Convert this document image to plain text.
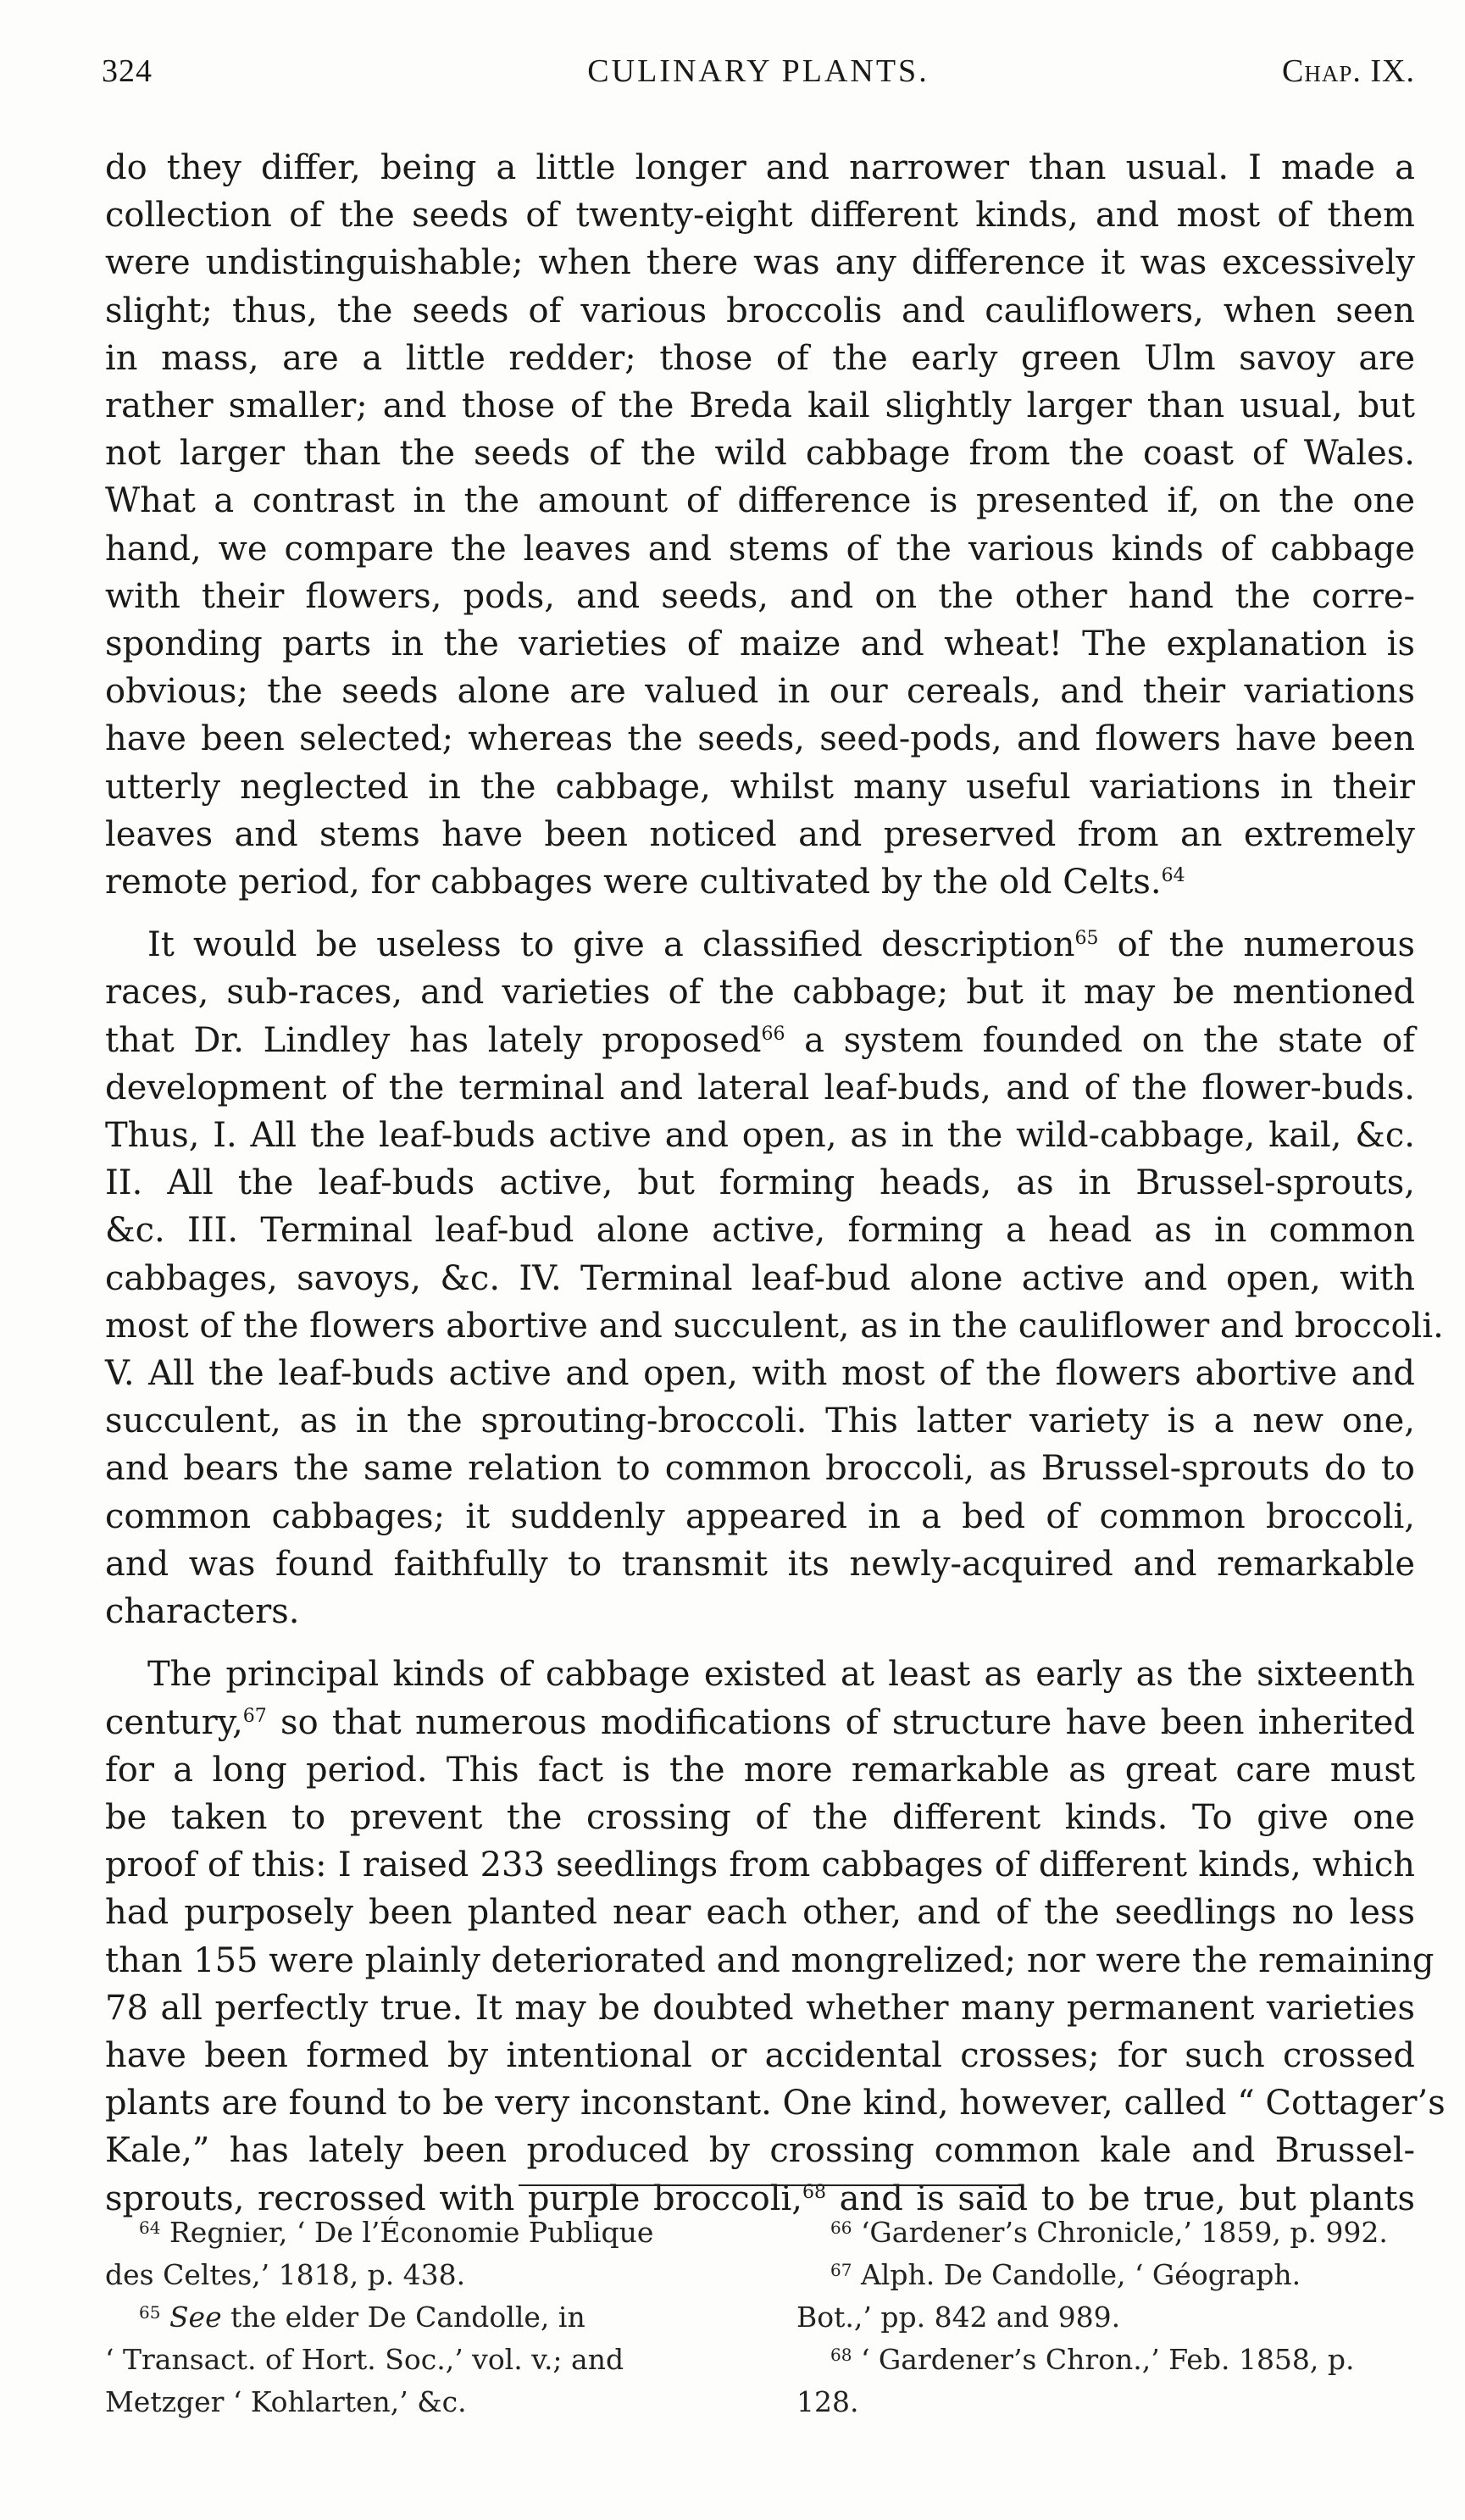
324	CULINARY PLANTS.	Chap. IX.

do they differ, being a little longer and narrower than usual. I made a
collection of the seeds of twenty-eight different kinds, and most of them
were undistinguishable; when there was any difference it was excessively
slight; thus, the seeds of various broccolis and cauliflowers, when seen
in mass, are a little redder; those of the early green Ulm savoy are
rather smaller; and those of the Breda kail slightly larger than usual, but
not larger than the seeds of the wild cabbage from the coast of Wales.
What a contrast in the amount of difference is presented if, on the one
hand, we compare the leaves and stems of the various kinds of cabbage
with their flowers, pods, and seeds, and on the other hand the corre-
sponding parts in the varieties of maize and wheat! The explanation is
obvious; the seeds alone are valued in our cereals, and their variations
have been selected; whereas the seeds, seed-pods, and flowers have been
utterly neglected in the cabbage, whilst many useful variations in their
leaves and stems have been noticed and preserved from an extremely
remote period, for cabbages were cultivated by the old Celts.$^{64}$

It would be useless to give a classified description$^{65}$ of the numerous
races, sub-races, and varieties of the cabbage; but it may be mentioned
that Dr. Lindley has lately proposed$^{66}$ a system founded on the state of
development of the terminal and lateral leaf-buds, and of the flower-buds.
Thus, I. All the leaf-buds active and open, as in the wild-cabbage, kail, &c.
II. All the leaf-buds active, but forming heads, as in Brussel-sprouts,
&c. III. Terminal leaf-bud alone active, forming a head as in common
cabbages, savoys, &c. IV. Terminal leaf-bud alone active and open, with
most of the flowers abortive and succulent, as in the cauliflower and broccoli.
V. All the leaf-buds active and open, with most of the flowers abortive and
succulent, as in the sprouting-broccoli. This latter variety is a new one,
and bears the same relation to common broccoli, as Brussel-sprouts do to
common cabbages; it suddenly appeared in a bed of common broccoli,
and was found faithfully to transmit its newly-acquired and remarkable
characters.

The principal kinds of cabbage existed at least as early as the sixteenth
century,$^{67}$ so that numerous modifications of structure have been inherited
for a long period. This fact is the more remarkable as great care must
be taken to prevent the crossing of the different kinds. To give one
proof of this: I raised 233 seedlings from cabbages of different kinds, which
had purposely been planted near each other, and of the seedlings no less
than 155 were plainly deteriorated and mongrelized; nor were the remaining
78 all perfectly true. It may be doubted whether many permanent varieties
have been formed by intentional or accidental crosses; for such crossed
plants are found to be very inconstant. One kind, however, called “ Cottager’s
Kale,” has lately been produced by crossing common kale and Brussel-
sprouts, recrossed with purple broccoli,$^{68}$ and is said to be true, but plants

$^{64}$ Regnier, ‘ De l’Économie Publique
des Celtes,’ 1818, p. 438.
$^{65}$ See the elder De Candolle, in
‘ Transact. of Hort. Soc.,’ vol. v.; and
Metzger ‘ Kohlarten,’ &c.
$^{66}$ ‘Gardener’s Chronicle,’ 1859, p. 992.
$^{67}$ Alph. De Candolle, ‘ Géograph.
Bot.,’ pp. 842 and 989.
$^{68}$ ‘ Gardener’s Chron.,’ Feb. 1858, p.
128.
